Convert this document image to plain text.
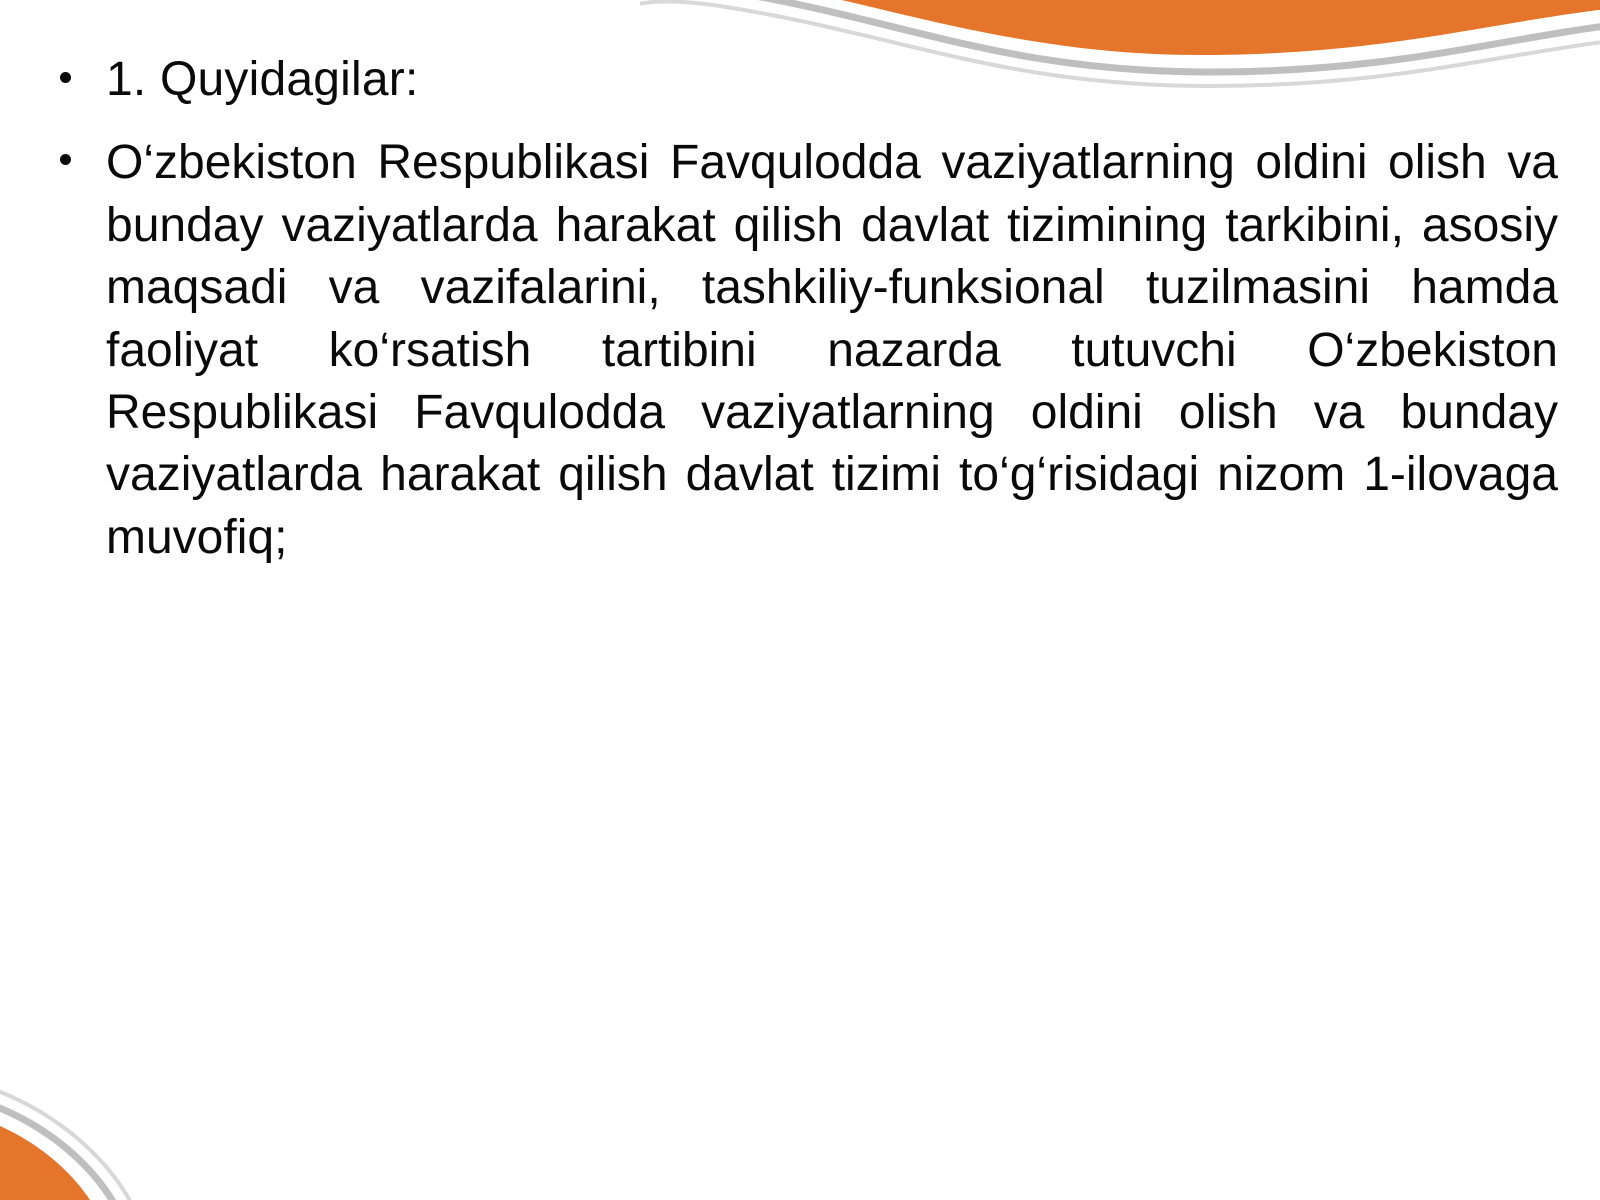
1. Quyidagilar:
O‘zbekiston Respublikasi Favqulodda vaziyatlarning oldini olish va bunday vaziyatlarda harakat qilish davlat tizimining tarkibini, asosiy maqsadi va vazifalarini, tashkiliy-funksional tuzilmasini hamda faoliyat ko‘rsatish tartibini nazarda tutuvchi O‘zbekiston Respublikasi Favqulodda vaziyatlarning oldini olish va bunday vaziyatlarda harakat qilish davlat tizimi to‘g‘risidagi nizom 1-ilovaga muvofiq;
